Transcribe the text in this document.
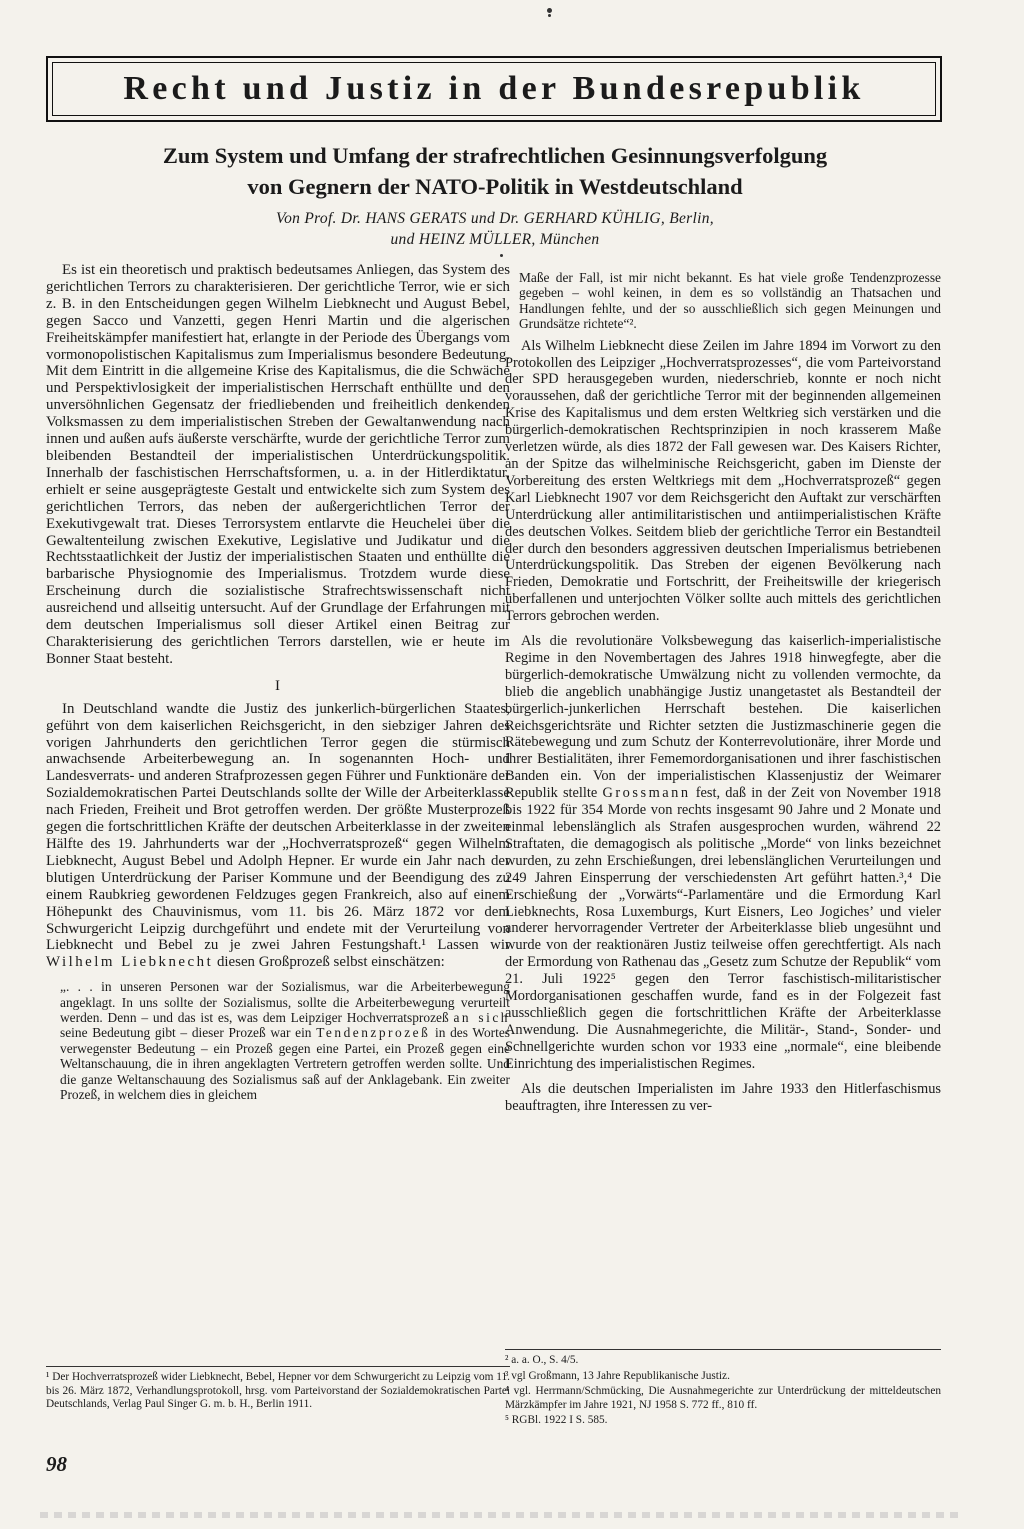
Recht und Justiz in der Bundesrepublik
Zum System und Umfang der strafrechtlichen Gesinnungsverfolgung
von Gegnern der NATO-Politik in Westdeutschland
Von Prof. Dr. HANS GERATS und Dr. GERHARD KÜHLIG, Berlin,
und HEINZ MÜLLER, München

Es ist ein theoretisch und praktisch bedeutsames Anliegen, das System des gerichtlichen Terrors zu charakterisieren. Der gerichtliche Terror, wie er sich z. B. in den Entscheidungen gegen Wilhelm Liebknecht und August Bebel, gegen Sacco und Vanzetti, gegen Henri Martin und die algerischen Freiheitskämpfer manifestiert hat, erlangte in der Periode des Übergangs vom vormonopolistischen Kapitalismus zum Imperialismus besondere Bedeutung. Mit dem Eintritt in die allgemeine Krise des Kapitalismus, die die Schwäche und Perspektivlosigkeit der imperialistischen Herrschaft enthüllte und den unversöhnlichen Gegensatz der friedliebenden und freiheitlich denkenden Volksmassen zu dem imperialistischen Streben der Gewaltanwendung nach innen und außen aufs äußerste verschärfte, wurde der gerichtliche Terror zum bleibenden Bestandteil der imperialistischen Unterdrückungspolitik. Innerhalb der faschistischen Herrschaftsformen, u. a. in der Hitlerdiktatur, erhielt er seine ausgeprägteste Gestalt und entwickelte sich zum System des gerichtlichen Terrors, das neben der außergerichtlichen Terror der Exekutivgewalt trat. Dieses Terrorsystem entlarvte die Heuchelei über die Gewaltenteilung zwischen Exekutive, Legislative und Judikatur und die Rechtsstaatlichkeit der Justiz der imperialistischen Staaten und enthüllte die barbarische Physiognomie des Imperialismus. Trotzdem wurde diese Erscheinung durch die sozialistische Strafrechtswissenschaft nicht ausreichend und allseitig untersucht. Auf der Grundlage der Erfahrungen mit dem deutschen Imperialismus soll dieser Artikel einen Beitrag zur Charakterisierung des gerichtlichen Terrors darstellen, wie er heute im Bonner Staat besteht.

I

In Deutschland wandte die Justiz des junkerlich-bürgerlichen Staates, geführt von dem kaiserlichen Reichsgericht, in den siebziger Jahren des vorigen Jahrhunderts den gerichtlichen Terror gegen die stürmisch anwachsende Arbeiterbewegung an. In sogenannten Hoch- und Landesverrats- und anderen Strafprozessen gegen Führer und Funktionäre der Sozialdemokratischen Partei Deutschlands sollte der Wille der Arbeiterklasse nach Frieden, Freiheit und Brot getroffen werden. Der größte Musterprozeß gegen die fortschrittlichen Kräfte der deutschen Arbeiterklasse in der zweiten Hälfte des 19. Jahrhunderts war der „Hochverratsprozeß“ gegen Wilhelm Liebknecht, August Bebel und Adolph Hepner. Er wurde ein Jahr nach der blutigen Unterdrückung der Pariser Kommune und der Beendigung des zu einem Raubkrieg gewordenen Feldzuges gegen Frankreich, also auf einem Höhepunkt des Chauvinismus, vom 11. bis 26. März 1872 vor dem Schwurgericht Leipzig durchgeführt und endete mit der Verurteilung von Liebknecht und Bebel zu je zwei Jahren Festungshaft.¹ Lassen wir Wilhelm Liebknecht diesen Großprozeß selbst einschätzen:

„. . . in unseren Personen war der Sozialismus, war die Arbeiterbewegung angeklagt. In uns sollte der Sozialismus, sollte die Arbeiterbewegung verurteilt werden. Denn – und das ist es, was dem Leipziger Hochverratsprozeß an sich seine Bedeutung gibt – dieser Prozeß war ein Tendenzprozeß in des Wortes verwegenster Bedeutung – ein Prozeß gegen eine Partei, ein Prozeß gegen eine Weltanschauung, die in ihren angeklagten Vertretern getroffen werden sollte. Und die ganze Weltanschauung des Sozialismus saß auf der Anklagebank. Ein zweiter Prozeß, in welchem dies in gleichem
Maße der Fall, ist mir nicht bekannt. Es hat viele große Tendenzprozesse gegeben – wohl keinen, in dem es so vollständig an Thatsachen und Handlungen fehlte, und der so ausschließlich sich gegen Meinungen und Grundsätze richtete“².

Als Wilhelm Liebknecht diese Zeilen im Jahre 1894 im Vorwort zu den Protokollen des Leipziger „Hochverratsprozesses“, die vom Parteivorstand der SPD herausgegeben wurden, niederschrieb, konnte er noch nicht voraussehen, daß der gerichtliche Terror mit der beginnenden allgemeinen Krise des Kapitalismus und dem ersten Weltkrieg sich verstärken und die bürgerlich-demokratischen Rechtsprinzipien in noch krasserem Maße verletzen würde, als dies 1872 der Fall gewesen war. Des Kaisers Richter, an der Spitze das wilhelminische Reichsgericht, gaben im Dienste der Vorbereitung des ersten Weltkriegs mit dem „Hochverratsprozeß“ gegen Karl Liebknecht 1907 vor dem Reichsgericht den Auftakt zur verschärften Unterdrückung aller antimilitaristischen und antiimperialistischen Kräfte des deutschen Volkes. Seitdem blieb der gerichtliche Terror ein Bestandteil der durch den besonders aggressiven deutschen Imperialismus betriebenen Unterdrückungspolitik. Das Streben der eigenen Bevölkerung nach Frieden, Demokratie und Fortschritt, der Freiheitswille der kriegerisch überfallenen und unterjochten Völker sollte auch mittels des gerichtlichen Terrors gebrochen werden.

Als die revolutionäre Volksbewegung das kaiserlich-imperialistische Regime in den Novembertagen des Jahres 1918 hinwegfegte, aber die bürgerlich-demokratische Umwälzung nicht zu vollenden vermochte, da blieb die angeblich unabhängige Justiz unangetastet als Bestandteil der bürgerlich-junkerlichen Herrschaft bestehen. Die kaiserlichen Reichsgerichtsräte und Richter setzten die Justizmaschinerie gegen die Rätebewegung und zum Schutz der Konterrevolutionäre, ihrer Morde und ihrer Bestialitäten, ihrer Fememordorganisationen und ihrer faschistischen Banden ein. Von der imperialistischen Klassenjustiz der Weimarer Republik stellte Grossmann fest, daß in der Zeit von November 1918 bis 1922 für 354 Morde von rechts insgesamt 90 Jahre und 2 Monate und einmal lebenslänglich als Strafen ausgesprochen wurden, während 22 Straftaten, die demagogisch als politische „Morde“ von links bezeichnet wurden, zu zehn Erschießungen, drei lebenslänglichen Verurteilungen und 249 Jahren Einsperrung der verschiedensten Art geführt hatten.³,⁴ Die Erschießung der „Vorwärts“-Parlamentäre und die Ermordung Karl Liebknechts, Rosa Luxemburgs, Kurt Eisners, Leo Jogiches’ und vieler anderer hervorragender Vertreter der Arbeiterklasse blieb ungesühnt und wurde von der reaktionären Justiz teilweise offen gerechtfertigt. Als nach der Ermordung von Rathenau das „Gesetz zum Schutze der Republik“ vom 21. Juli 1922⁵ gegen den Terror faschistisch-militaristischer Mordorganisationen geschaffen wurde, fand es in der Folgezeit fast ausschließlich gegen die fortschrittlichen Kräfte der Arbeiterklasse Anwendung. Die Ausnahmegerichte, die Militär-, Stand-, Sonder- und Schnellgerichte wurden schon vor 1933 eine „normale“, eine bleibende Einrichtung des imperialistischen Regimes.

Als die deutschen Imperialisten im Jahre 1933 den Hitlerfaschismus beauftragten, ihre Interessen zu ver-

¹ Der Hochverratsprozeß wider Liebknecht, Bebel, Hepner vor dem Schwurgericht zu Leipzig vom 11. bis 26. März 1872, Verhandlungsprotokoll, hrsg. vom Parteivorstand der Sozialdemokratischen Partei Deutschlands, Verlag Paul Singer G. m. b. H., Berlin 1911.
² a. a. O., S. 4/5.
³ vgl Großmann, 13 Jahre Republikanische Justiz.
⁴ vgl. Herrmann/Schmücking, Die Ausnahmegerichte zur Unterdrückung der mitteldeutschen Märzkämpfer im Jahre 1921, NJ 1958 S. 772 ff., 810 ff.
⁵ RGBl. 1922 I S. 585.
98
